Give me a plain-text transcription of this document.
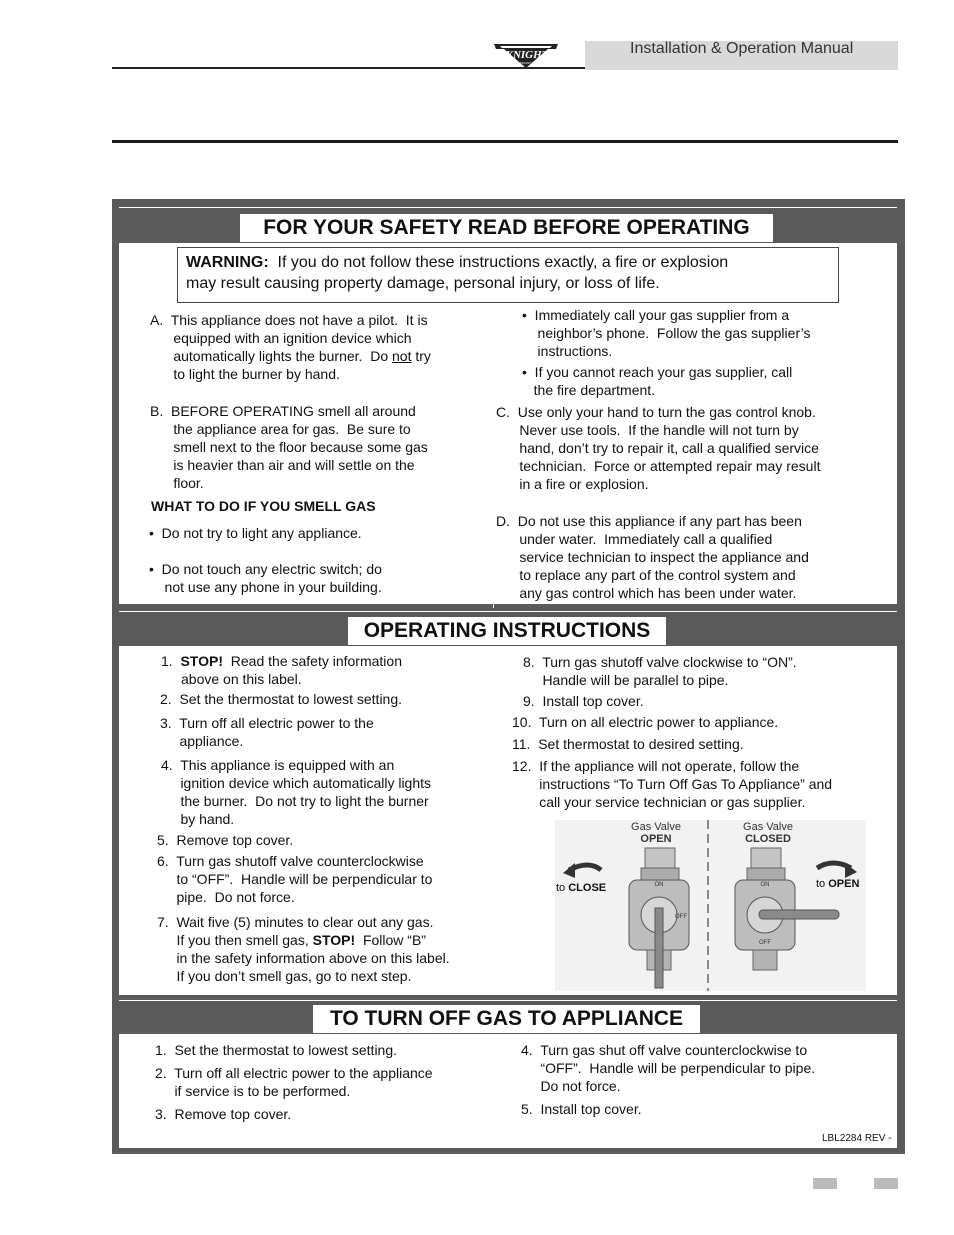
Installation & Operation Manual
KNIGHT
WALL MOUNT BOILER
FOR YOUR SAFETY READ BEFORE OPERATING
WARNING:  If you do not follow these instructions exactly, a fire or explosion
may result causing property damage, personal injury, or loss of life.
A.  This appliance does not have a pilot.  It is
equipped with an ignition device which
automatically lights the burner.  Do not try
to light the burner by hand.
B.  BEFORE OPERATING smell all around
the appliance area for gas.  Be sure to
smell next to the floor because some gas
is heavier than air and will settle on the
floor.
WHAT TO DO IF YOU SMELL GAS
•  Do not try to light any appliance.
•  Do not touch any electric switch; do
not use any phone in your building.
•  Immediately call your gas supplier from a
neighbor’s phone.  Follow the gas supplier’s
instructions.
•  If you cannot reach your gas supplier, call
the fire department.
C.  Use only your hand to turn the gas control knob.
Never use tools.  If the handle will not turn by
hand, don’t try to repair it, call a qualified service
technician.  Force or attempted repair may result
in a fire or explosion.
D.  Do not use this appliance if any part has been
under water.  Immediately call a qualified
service technician to inspect the appliance and
to replace any part of the control system and
any gas control which has been under water.
OPERATING INSTRUCTIONS
1.  STOP!  Read the safety information
above on this label.
2.  Set the thermostat to lowest setting.
3.  Turn off all electric power to the
appliance.
4.  This appliance is equipped with an
ignition device which automatically lights
the burner.  Do not try to light the burner
by hand.
5.  Remove top cover.
6.  Turn gas shutoff valve counterclockwise
to “OFF”.  Handle will be perpendicular to
pipe.  Do not force.
7.  Wait five (5) minutes to clear out any gas.
If you then smell gas, STOP!  Follow “B”
in the safety information above on this label.
If you don’t smell gas, go to next step.
8.  Turn gas shutoff valve clockwise to “ON”.
Handle will be parallel to pipe.
9.  Install top cover.
10.  Turn on all electric power to appliance.
11.  Set thermostat to desired setting.
12.  If the appliance will not operate, follow the
instructions “To Turn Off Gas To Appliance” and
call your service technician or gas supplier.
Gas Valve
OPEN
Gas Valve
CLOSED
to CLOSE	to OPEN
ON
OFF
ON
OFF
TO TURN OFF GAS TO APPLIANCE
1.  Set the thermostat to lowest setting.
2.  Turn off all electric power to the appliance
if service is to be performed.
3.  Remove top cover.
4.  Turn gas shut off valve counterclockwise to
“OFF”.  Handle will be perpendicular to pipe.
Do not force.
5.  Install top cover.
LBL2284 REV -
